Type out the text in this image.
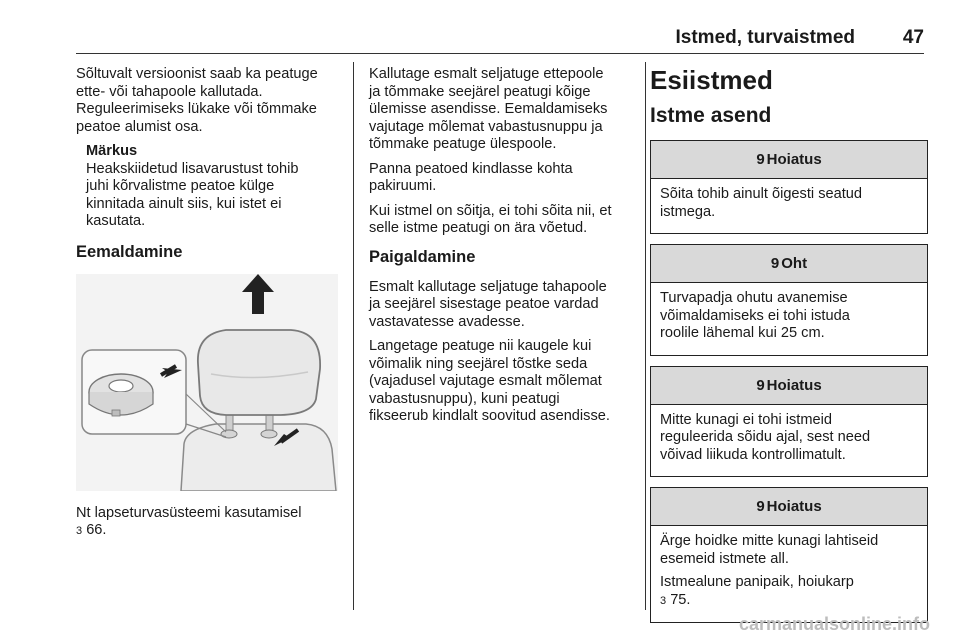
Istmed, turvaistmed	47

Sõltuvalt versioonist saab ka peatuge
ette- või tahapoole kallutada.
Reguleerimiseks lükake või tõmmake
peatoe alumist osa.

Märkus
Heakskiidetud lisavarustust tohib
juhi kõrvalistme peatoe külge
kinnitada ainult siis, kui istet ei
kasutata.
Eemaldamine

Nt lapseturvasüsteemi kasutamisel
3 66.

Kallutage esmalt seljatuge ettepoole
ja tõmmake seejärel peatugi kõige
ülemisse asendisse. Eemaldamiseks
vajutage mõlemat vabastusnuppu ja
tõmmake peatuge ülespoole.

Panna peatoed kindlasse kohta
pakiruumi.

Kui istmel on sõitja, ei tohi sõita nii, et
selle istme peatugi on ära võetud.

Paigaldamine

Esmalt kallutage seljatuge tahapoole
ja seejärel sisestage peatoe vardad
vastavatesse avadesse.

Langetage peatuge nii kaugele kui
võimalik ning seejärel tõstke seda
(vajadusel vajutage esmalt mõlemat
vabastusnuppu), kuni peatugi
fikseerub kindlalt soovitud asendisse.

Esiistmed
Istme asend
9 Hoiatus

Sõita tohib ainult õigesti seatud
istmega.

9 Oht

Turvapadja ohutu avanemise
võimaldamiseks ei tohi istuda
roolile lähemal kui 25 cm.

9 Hoiatus

Mitte kunagi ei tohi istmeid
reguleerida sõidu ajal, sest need
võivad liikuda kontrollimatult.

9 Hoiatus

Ärge hoidke mitte kunagi lahtiseid
esemeid istmete all.

Istmealune panipaik, hoiukarp
3 75.

carmanualsonline.info
